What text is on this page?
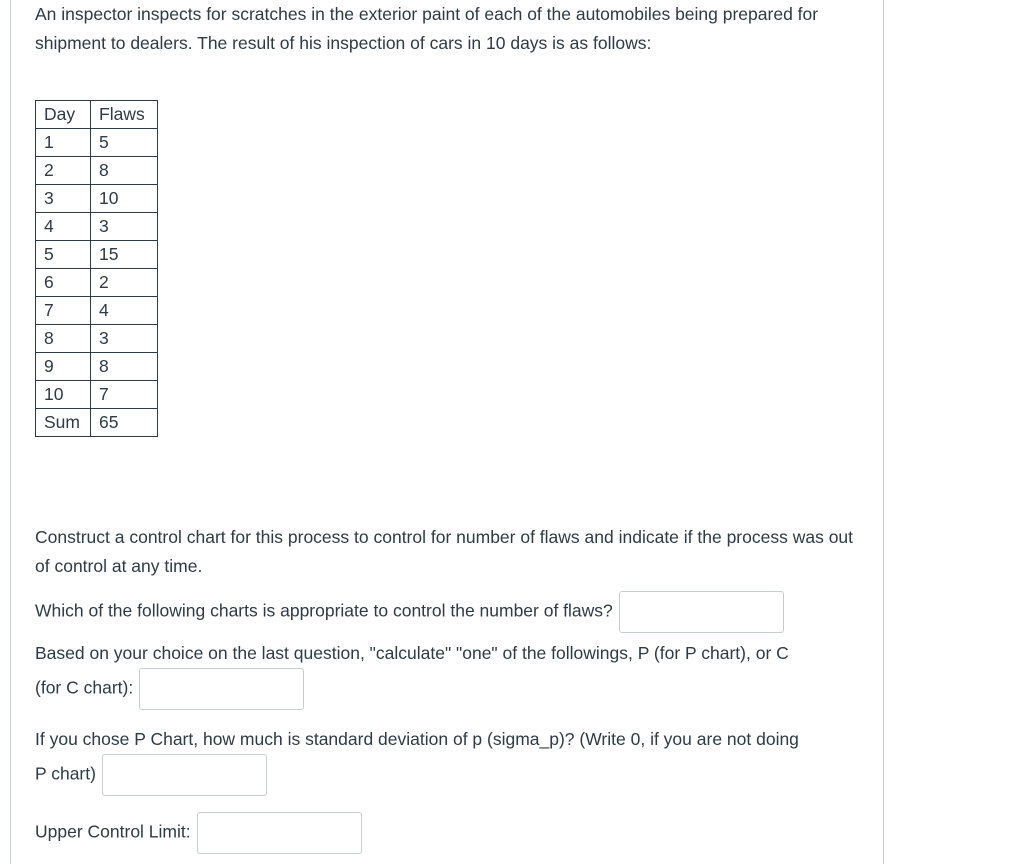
An inspector inspects for scratches in the exterior paint of each of the automobiles being prepared for shipment to dealers. The result of his inspection of cars in 10 days is as follows:
Day	Flaws
1	5
2	8
3	10
4	3
5	15
6	2
7	4
8	3
9	8
10	7
Sum	65
Construct a control chart for this process to control for number of flaws and indicate if the process was out of control at any time.
Which of the following charts is appropriate to control the number of flaws?
Based on your choice on the last question, "calculate" "one" of the followings, P (for P chart), or C
(for C chart):
If you chose P Chart, how much is standard deviation of p (sigma_p)? (Write 0, if you are not doing
P chart)
Upper Control Limit:
